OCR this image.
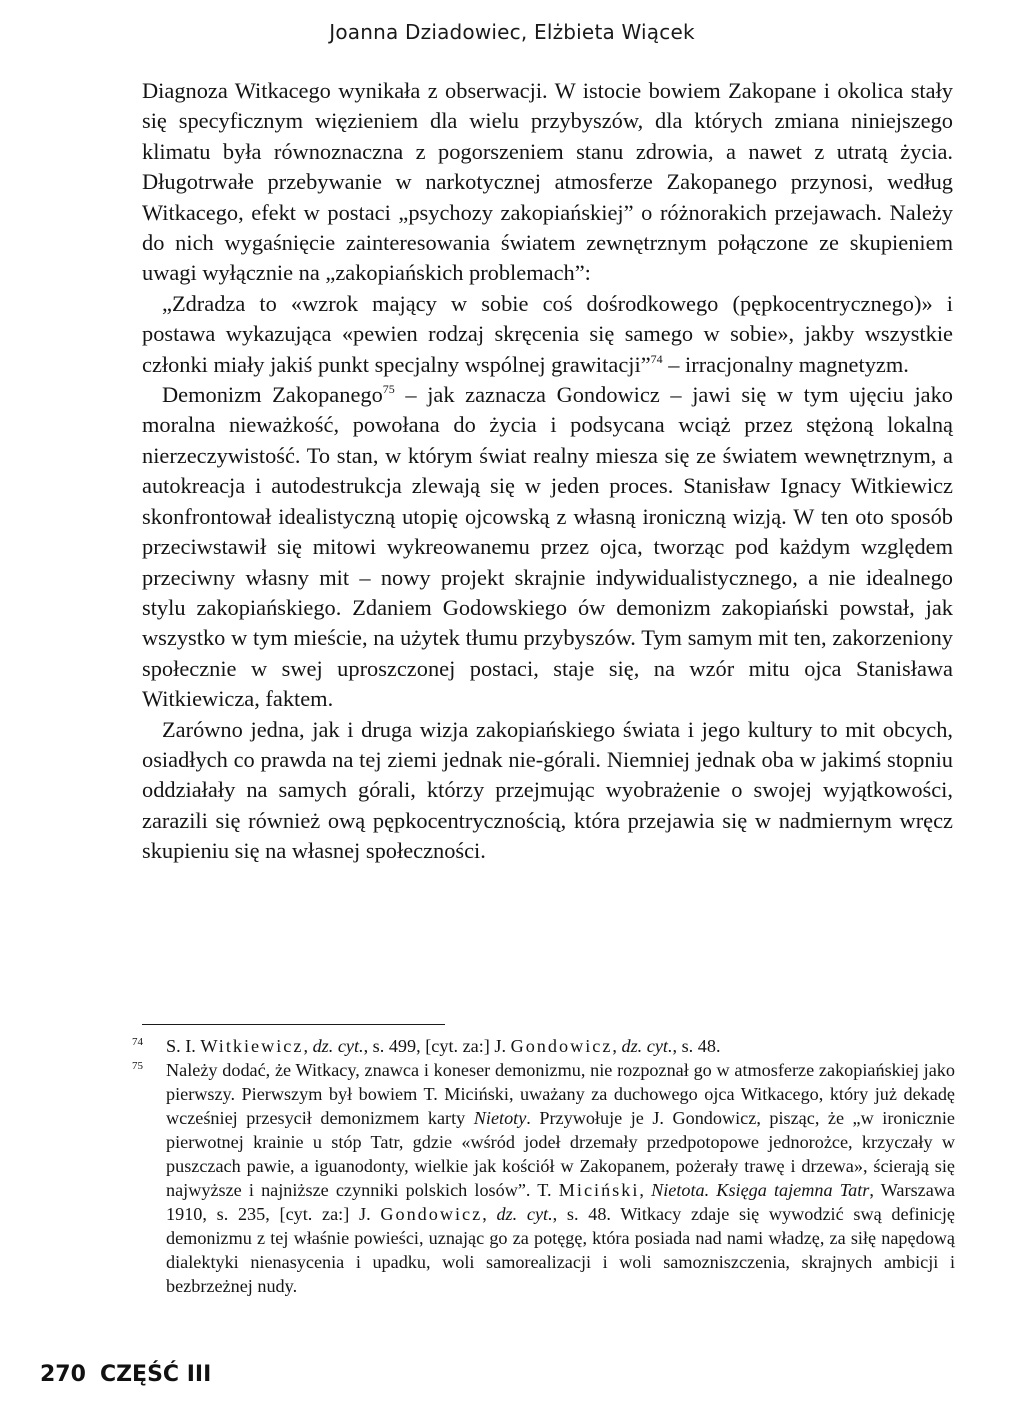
Joanna Dziadowiec, Elżbieta Wiącek

Diagnoza Witkacego wynikała z obserwacji. W istocie bowiem Zakopane i okolica stały się specyficznym więzieniem dla wielu przybyszów, dla których zmiana niniejszego klimatu była równoznaczna z pogorszeniem stanu zdrowia, a nawet z utratą życia. Długotrwałe przebywanie w narkotycznej atmosferze Zakopanego przynosi, według Witkacego, efekt w postaci „psychozy zakopiańskiej” o różnorakich przejawach. Należy do nich wygaśnięcie zainteresowania światem zewnętrznym połączone ze skupieniem uwagi wyłącznie na „zakopiańskich problemach”:

„Zdradza to «wzrok mający w sobie coś dośrodkowego (pępkocentrycznego)» i postawa wykazująca «pewien rodzaj skręcenia się samego w sobie», jakby wszystkie członki miały jakiś punkt specjalny wspólnej grawitacji”$^{74}$ – irracjonalny magnetyzm.

Demonizm Zakopanego$^{75}$ – jak zaznacza Gondowicz – jawi się w tym ujęciu jako moralna nieważkość, powołana do życia i podsycana wciąż przez stężoną lokalną nierzeczywistość. To stan, w którym świat realny miesza się ze światem wewnętrznym, a autokreacja i autodestrukcja zlewają się w jeden proces. Stanisław Ignacy Witkiewicz skonfrontował idealistyczną utopię ojcowską z własną ironiczną wizją. W ten oto sposób przeciwstawił się mitowi wykreowanemu przez ojca, tworząc pod każdym względem przeciwny własny mit – nowy projekt skrajnie indywidualistycznego, a nie idealnego stylu zakopiańskiego. Zdaniem Godowskiego ów demonizm zakopiański powstał, jak wszystko w tym mieście, na użytek tłumu przybyszów. Tym samym mit ten, zakorzeniony społecznie w swej uproszczonej postaci, staje się, na wzór mitu ojca Stanisława Witkiewicza, faktem.

Zarówno jedna, jak i druga wizja zakopiańskiego świata i jego kultury to mit obcych, osiadłych co prawda na tej ziemi jednak nie-górali. Niemniej jednak oba w jakimś stopniu oddziałały na samych górali, którzy przejmując wyobrażenie o swojej wyjątkowości, zarazili się również ową pępkocentrycznością, która przejawia się w nadmiernym wręcz skupieniu się na własnej społeczności.

74	S. I. Witkiewicz, dz. cyt., s. 499, [cyt. za:] J. Gondowicz, dz. cyt., s. 48.
75	Należy dodać, że Witkacy, znawca i koneser demonizmu, nie rozpoznał go w atmosferze zakopiańskiej jako pierwszy. Pierwszym był bowiem T. Miciński, uważany za duchowego ojca Witkacego, który już dekadę wcześniej przesycił demonizmem karty Nietoty. Przywołuje je J. Gondowicz, pisząc, że „w ironicznie pierwotnej krainie u stóp Tatr, gdzie «wśród jodeł drzemały przedpotopowe jednorożce, krzyczały w puszczach pawie, a iguanodonty, wielkie jak kościół w Zakopanem, pożerały trawę i drzewa», ścierają się najwyższe i najniższe czynniki polskich losów”. T. Miciński, Nietota. Księga tajemna Tatr, Warszawa 1910, s. 235, [cyt. za:] J. Gondowicz, dz. cyt., s. 48. Witkacy zdaje się wywodzić swą definicję demonizmu z tej właśnie powieści, uznając go za potęgę, która posiada nad nami władzę, za siłę napędową dialektyki nienasycenia i upadku, woli samorealizacji i woli samozniszczenia, skrajnych ambicji i bezbrzeżnej nudy.
270 CZĘŚĆ III
